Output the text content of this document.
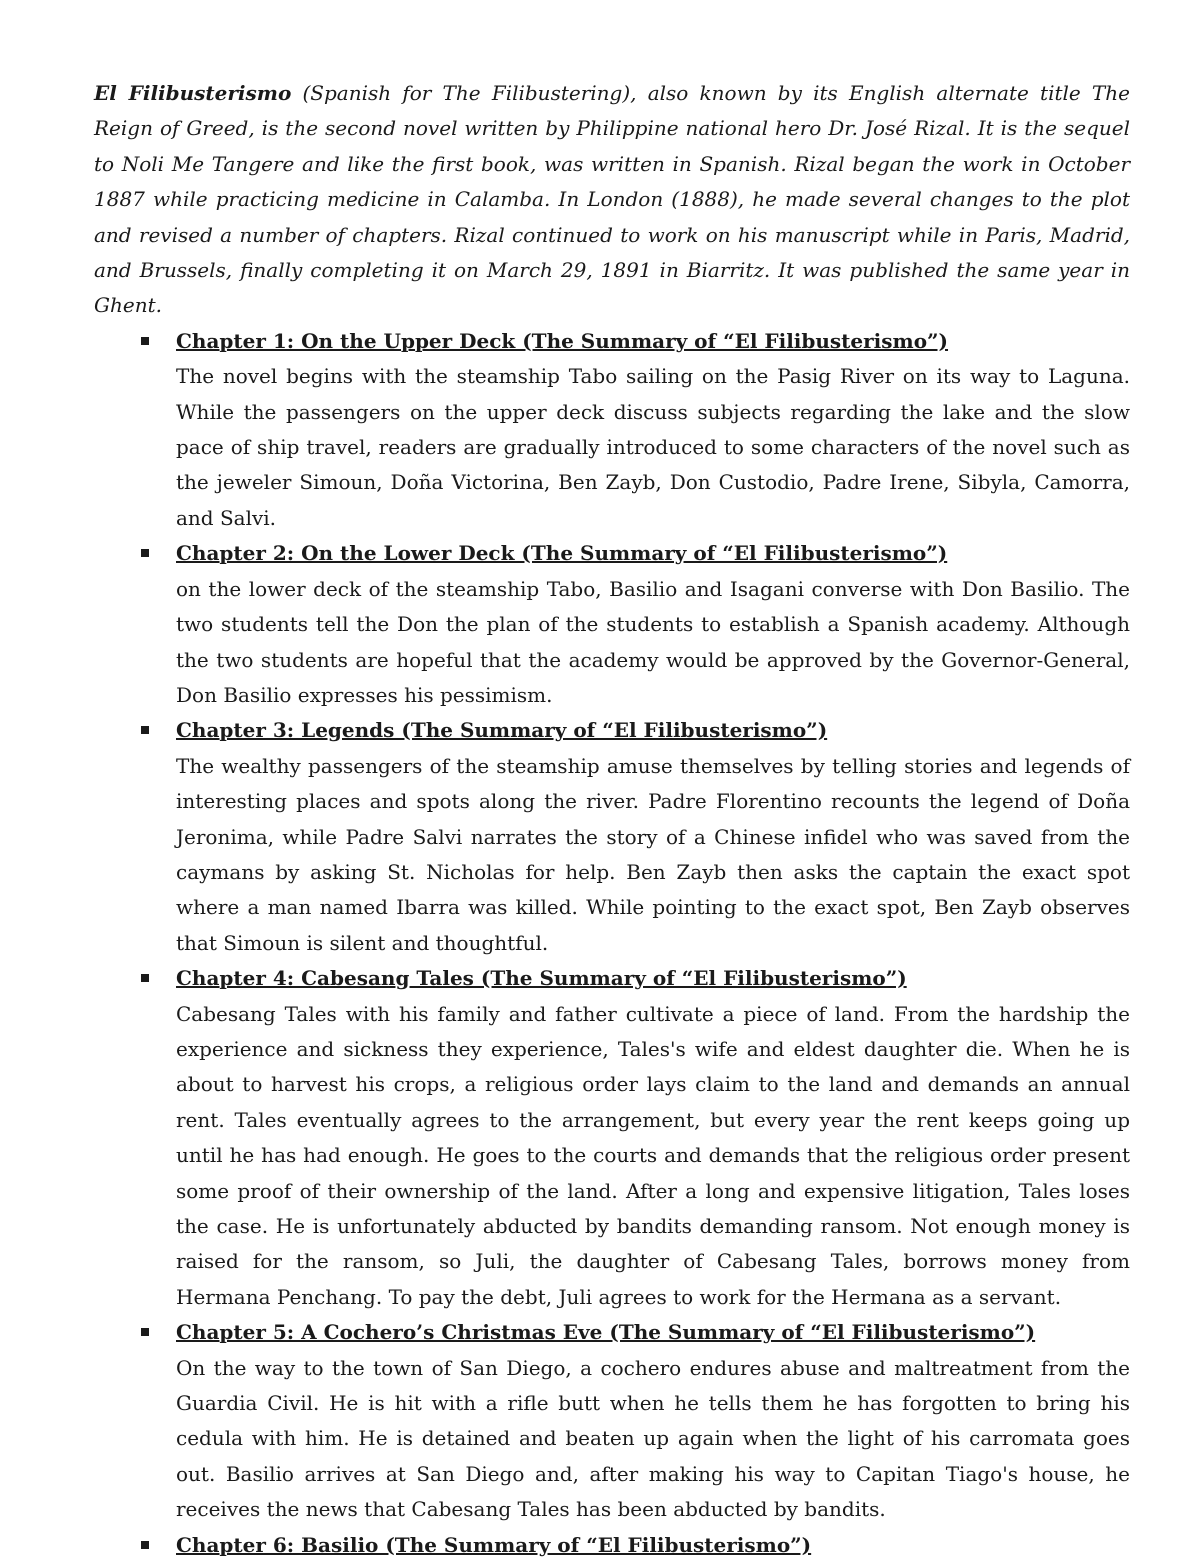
El Filibusterismo (Spanish for The Filibustering), also known by its English alternate title The Reign of Greed, is the second novel written by Philippine national hero Dr. José Rizal. It is the sequel to Noli Me Tangere and like the first book, was written in Spanish. Rizal began the work in October 1887 while practicing medicine in Calamba. In London (1888), he made several changes to the plot and revised a number of chapters. Rizal continued to work on his manuscript while in Paris, Madrid, and Brussels, finally completing it on March 29, 1891 in Biarritz. It was published the same year in Ghent.

Chapter 1: On the Upper Deck (The Summary of “El Filibusterismo”)

The novel begins with the steamship Tabo sailing on the Pasig River on its way to Laguna. While the passengers on the upper deck discuss subjects regarding the lake and the slow pace of ship travel, readers are gradually introduced to some characters of the novel such as the jeweler Simoun, Doña Victorina, Ben Zayb, Don Custodio, Padre Irene, Sibyla, Camorra, and Salvi.

Chapter 2: On the Lower Deck (The Summary of “El Filibusterismo”)

on the lower deck of the steamship Tabo, Basilio and Isagani converse with Don Basilio. The two students tell the Don the plan of the students to establish a Spanish academy. Although the two students are hopeful that the academy would be approved by the Governor-General, Don Basilio expresses his pessimism.

Chapter 3: Legends (The Summary of “El Filibusterismo”)

The wealthy passengers of the steamship amuse themselves by telling stories and legends of interesting places and spots along the river. Padre Florentino recounts the legend of Doña Jeronima, while Padre Salvi narrates the story of a Chinese infidel who was saved from the caymans by asking St. Nicholas for help. Ben Zayb then asks the captain the exact spot where a man named Ibarra was killed. While pointing to the exact spot, Ben Zayb observes that Simoun is silent and thoughtful.

Chapter 4: Cabesang Tales (The Summary of “El Filibusterismo”)

Cabesang Tales with his family and father cultivate a piece of land. From the hardship the experience and sickness they experience, Tales's wife and eldest daughter die. When he is about to harvest his crops, a religious order lays claim to the land and demands an annual rent. Tales eventually agrees to the arrangement, but every year the rent keeps going up until he has had enough. He goes to the courts and demands that the religious order present some proof of their ownership of the land. After a long and expensive litigation, Tales loses the case. He is unfortunately abducted by bandits demanding ransom. Not enough money is raised for the ransom, so Juli, the daughter of Cabesang Tales, borrows money from Hermana Penchang. To pay the debt, Juli agrees to work for the Hermana as a servant.

Chapter 5: A Cochero’s Christmas Eve (The Summary of “El Filibusterismo”)

On the way to the town of San Diego, a cochero endures abuse and maltreatment from the Guardia Civil. He is hit with a rifle butt when he tells them he has forgotten to bring his cedula with him. He is detained and beaten up again when the light of his carromata goes out. Basilio arrives at San Diego and, after making his way to Capitan Tiago's house, he receives the news that Cabesang Tales has been abducted by bandits.

Chapter 6: Basilio (The Summary of “El Filibusterismo”)
